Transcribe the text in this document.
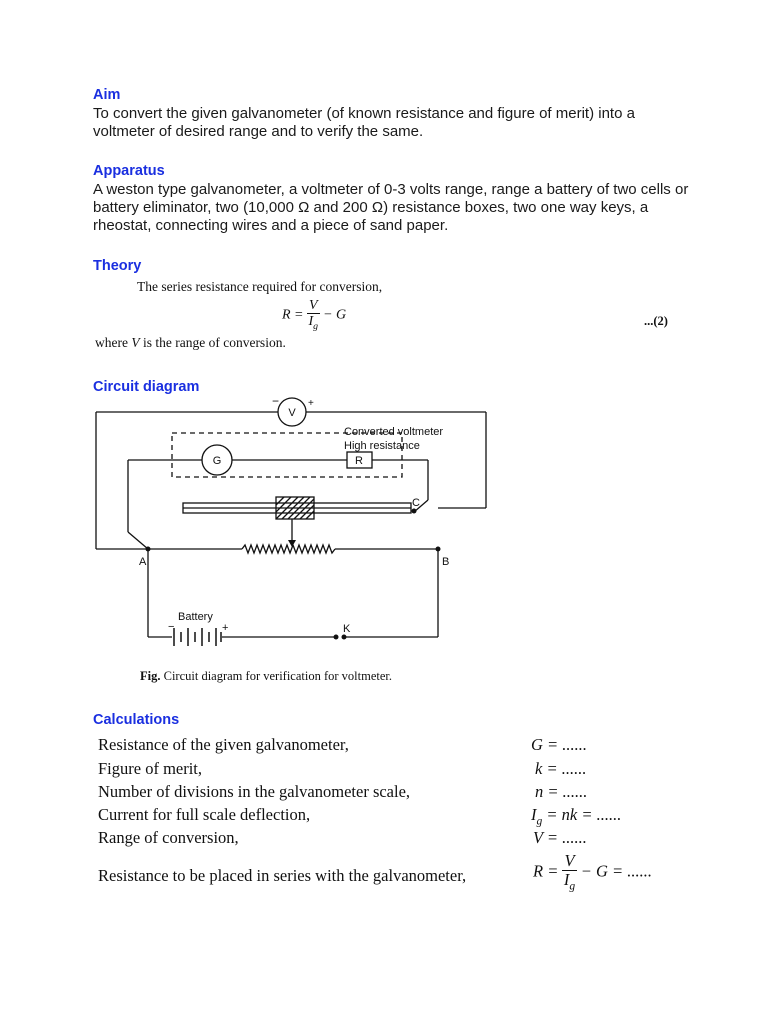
Aim

To convert the given galvanometer (of known resistance and figure of merit) into a voltmeter of desired range and to verify the same.

Apparatus

A weston type galvanometer, a voltmeter of 0-3 volts range, range a battery of two cells or battery eliminator, two (10,000 Ω and 200 Ω) resistance boxes, two one way keys, a rheostat, connecting wires and a piece of sand paper.

Theory

The series resistance required for conversion,

$R = \frac{V}{I_g} - G$	...(2)

where V is the range of conversion.

Circuit diagram

V
−	+
Converted voltmeter
High resistance
G	R
A	B
C
Battery
−	+	K

Fig. Circuit diagram for verification for voltmeter.

Calculations

Resistance of the given galvanometer,	G = ......

Figure of merit,	k = ......

Number of divisions in the galvanometer scale,	n = ......

Current for full scale deflection,	$I_g$ = nk = ......

Range of conversion,	V = ......

Resistance to be placed in series with the galvanometer,	$R = \frac{V}{I_g} - G$ = ......
